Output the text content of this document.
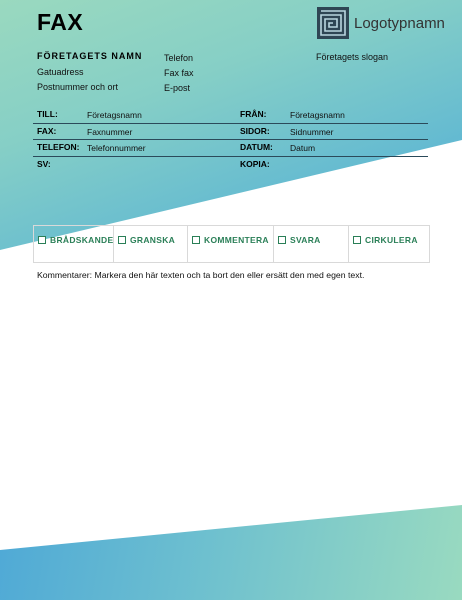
FAX	Logotypnamn
Företagets slogan
FÖRETAGETS NAMN
Gatuadress
Postnummer och ort
Telefon
Fax fax
E-post
TILL:	Företagsnamn	FRÅN:	Företagsnamn
FAX:	Faxnummer	SIDOR: Sidnummer
TELEFON: Telefonnummer	DATUM: Datum
SV:	KOPIA:
BRÅDSKANDE GRANSKA	KOMMENTERA SVARA	CIRKULERA
Kommentarer: Markera den här texten och ta bort den eller ersätt den med egen text.
